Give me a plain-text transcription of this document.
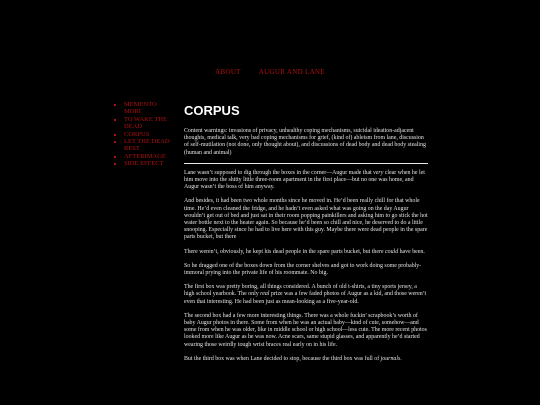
ABOUT	AUGUR AND LANE
▪ MEMENTO MORI
▪ TO WAKE THE DEAD
▪ CORPUS
▪ LET THE DEAD REST
▪ AFTERIMAGE
▪ SIDE EFFECT
CORPUS
Content warnings: invasions of privacy, unhealthy coping mechanisms, suicidal ideation-adjacent thoughts, medical talk, very bad coping mechanisms for grief, (kind of) ableism from lane, discussion of self-mutilation (not done, only thought about), and discussions of dead body and dead body stealing (human and animal)

Lane wasn’t supposed to dig through the boxes in the corner—Augur made that very clear when he let him move into the shitty little three-room apartment in the first place—but no one was home, and Augur wasn’t the boss of him anyway.

And besides, it had been two whole months since he moved in. He’d been really chill for that whole time. He’d even cleaned the fridge, and he hadn’t even asked what was going on the day Augur wouldn’t get out of bed and just sat in their room popping painkillers and asking him to go stick the hot water bottle next to the heater again. So because he’d been so chill and nice, he deserved to do a little snooping. Especially since he had to live here with this guy. Maybe there were dead people in the spare parts bucket, but there

There weren’t, obviously, he kept his dead people in the spare parts bucket, but there could have been.

So he dragged one of the boxes down from the corner shelves and got to work doing some probably-immoral prying into the private life of his roommate. No big.

The first box was pretty boring, all things considered. A bunch of old t-shirts, a tiny sports jersey, a high school yearbook. The only real prize was a few faded photos of Augur as a kid, and those weren’t even that interesting. He had been just as mean-looking as a five-year-old.

The second box had a few more interesting things. There was a whole fuckin’ scrapbook’s worth of baby Augur photos in there. Some from when he was an actual baby—kind of cute, somehow—and some from when he was older, like in middle school or high school—less cute. The more recent photos looked more like Augur as he was now. Acne scars, same stupid glasses, and apparently he’d started wearing those weirdly tough wrist braces real early on in his life.

But the third box was when Lane decided to stop, because the third box was full of journals.
